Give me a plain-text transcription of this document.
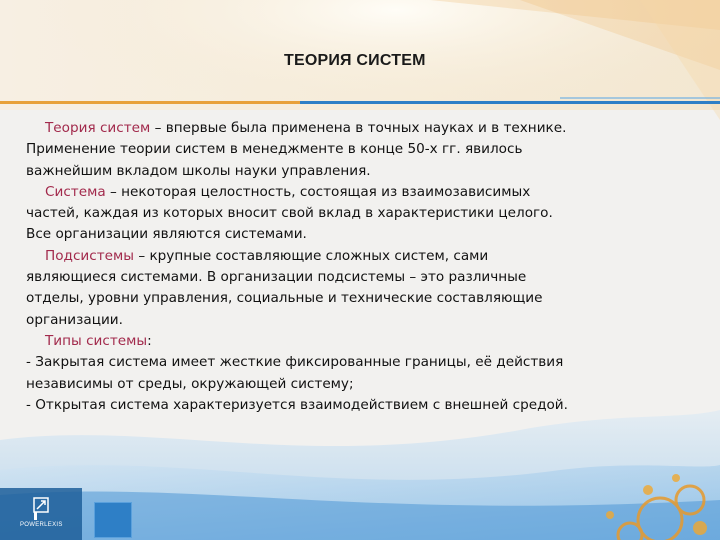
ТЕОРИЯ СИСТЕМ
Теория систем – впервые была применена в точных науках и в технике.
Применение теории систем в менеджменте в конце 50-х гг. явилось
важнейшим вкладом школы науки управления.
Система – некоторая целостность, состоящая из взаимозависимых
частей, каждая из которых вносит свой вклад в характеристики целого.
Все организации являются системами.
Подсистемы – крупные составляющие сложных систем, сами
являющиеся системами. В организации подсистемы – это различные
отделы, уровни управления, социальные и технические составляющие
организации.
Типы системы:
- Закрытая система имеет жесткие фиксированные границы, её действия
независимы от среды, окружающей систему;
- Открытая система характеризуется взаимодействием с внешней средой.
POWERLEXIS
